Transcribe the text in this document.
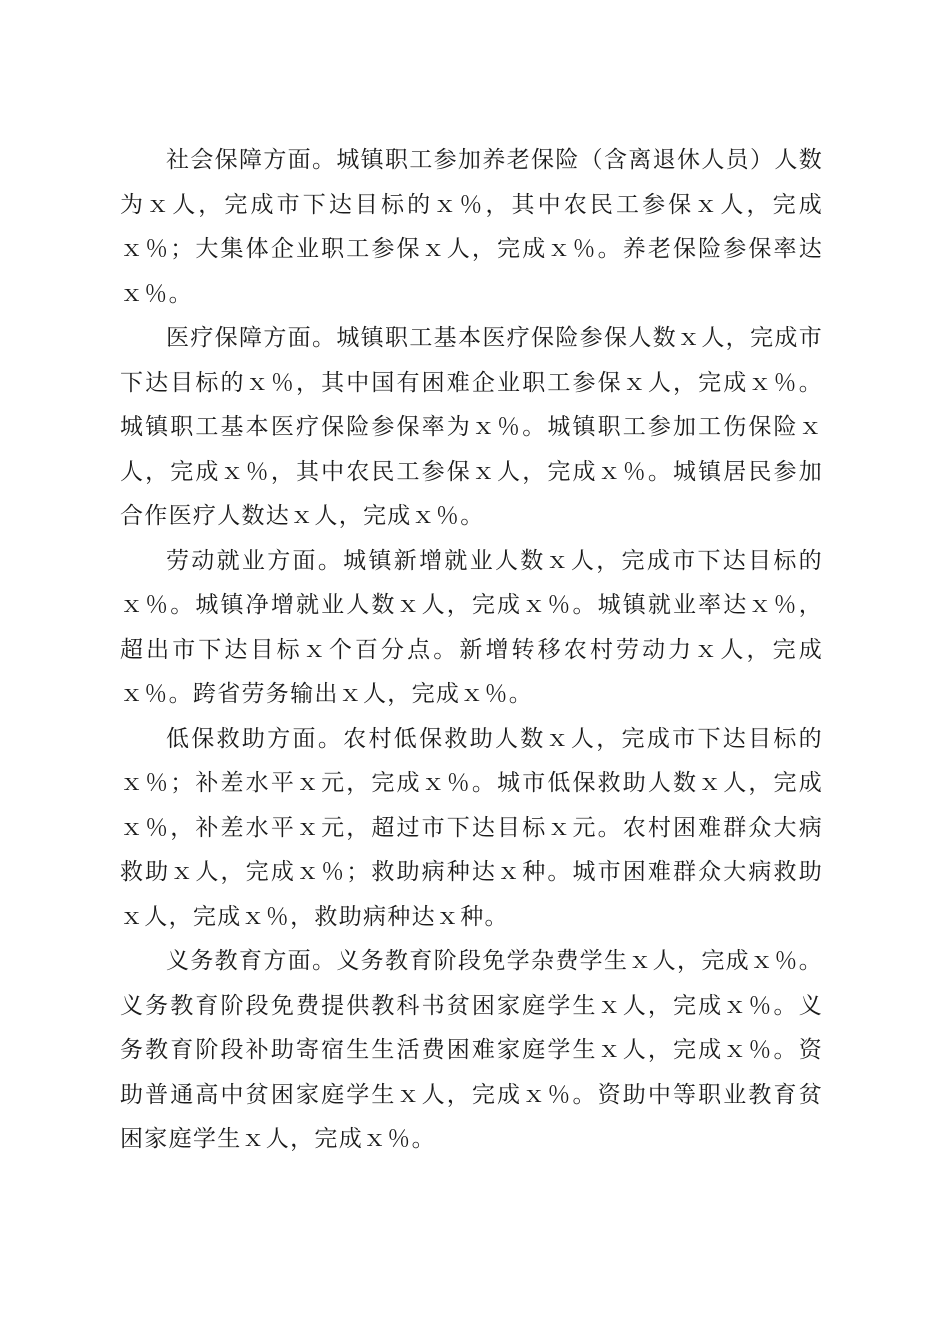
社会保障方面。城镇职工参加养老保险（含离退休人员）人数为ｘ人，完成市下达目标的ｘ％，其中农民工参保ｘ人，完成ｘ％；大集体企业职工参保ｘ人，完成ｘ％。养老保险参保率达ｘ％。

医疗保障方面。城镇职工基本医疗保险参保人数ｘ人，完成市下达目标的ｘ％，其中国有困难企业职工参保ｘ人，完成ｘ％。城镇职工基本医疗保险参保率为ｘ％。城镇职工参加工伤保险ｘ人，完成ｘ％，其中农民工参保ｘ人，完成ｘ％。城镇居民参加合作医疗人数达ｘ人，完成ｘ％。

劳动就业方面。城镇新增就业人数ｘ人，完成市下达目标的ｘ％。城镇净增就业人数ｘ人，完成ｘ％。城镇就业率达ｘ％，超出市下达目标ｘ个百分点。新增转移农村劳动力ｘ人，完成ｘ％。跨省劳务输出ｘ人，完成ｘ％。

低保救助方面。农村低保救助人数ｘ人，完成市下达目标的ｘ％；补差水平ｘ元，完成ｘ％。城市低保救助人数ｘ人，完成ｘ％，补差水平ｘ元，超过市下达目标ｘ元。农村困难群众大病救助ｘ人，完成ｘ％；救助病种达ｘ种。城市困难群众大病救助ｘ人，完成ｘ％，救助病种达ｘ种。

义务教育方面。义务教育阶段免学杂费学生ｘ人，完成ｘ％。义务教育阶段免费提供教科书贫困家庭学生ｘ人，完成ｘ％。义务教育阶段补助寄宿生生活费困难家庭学生ｘ人，完成ｘ％。资助普通高中贫困家庭学生ｘ人，完成ｘ％。资助中等职业教育贫困家庭学生ｘ人，完成ｘ％。
